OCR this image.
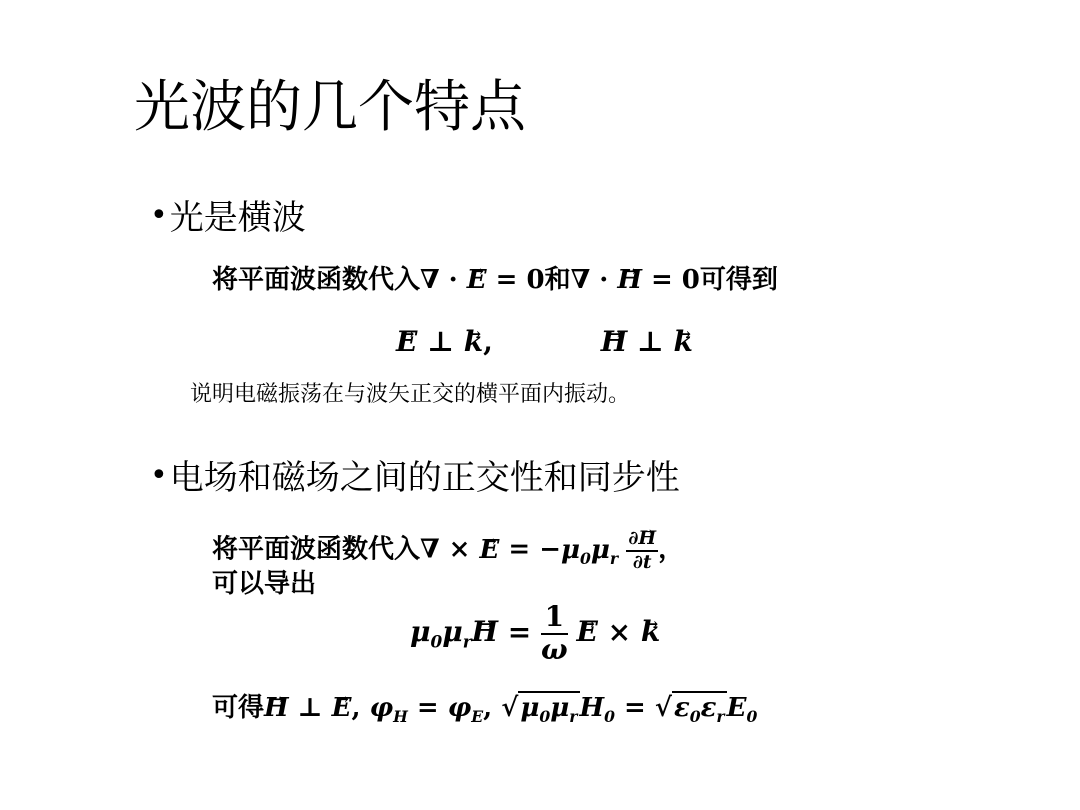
光波的几个特点
•光是横波
将平面波函数代入∇ · E → = 0和∇ · H → = 0可得到
E → ⊥ k →,	H → ⊥ k →
说明电磁振荡在与波矢正交的横平面内振动。
•电场和磁场之间的正交性和同步性
将平面波函数代入∇ × E → = $-\mu_0\mu_r \frac{\partial H \to}{\partial t}$ ，
可以导出
$\mu_0\mu_rH$ → = $\frac{1}{\omega}$ E → × k →
可得H → ⊥ E →, $\varphi_H = \varphi_E$, $√\mu_0\mu_rH_0 = √\varepsilon_0\varepsilon_rE_0$
